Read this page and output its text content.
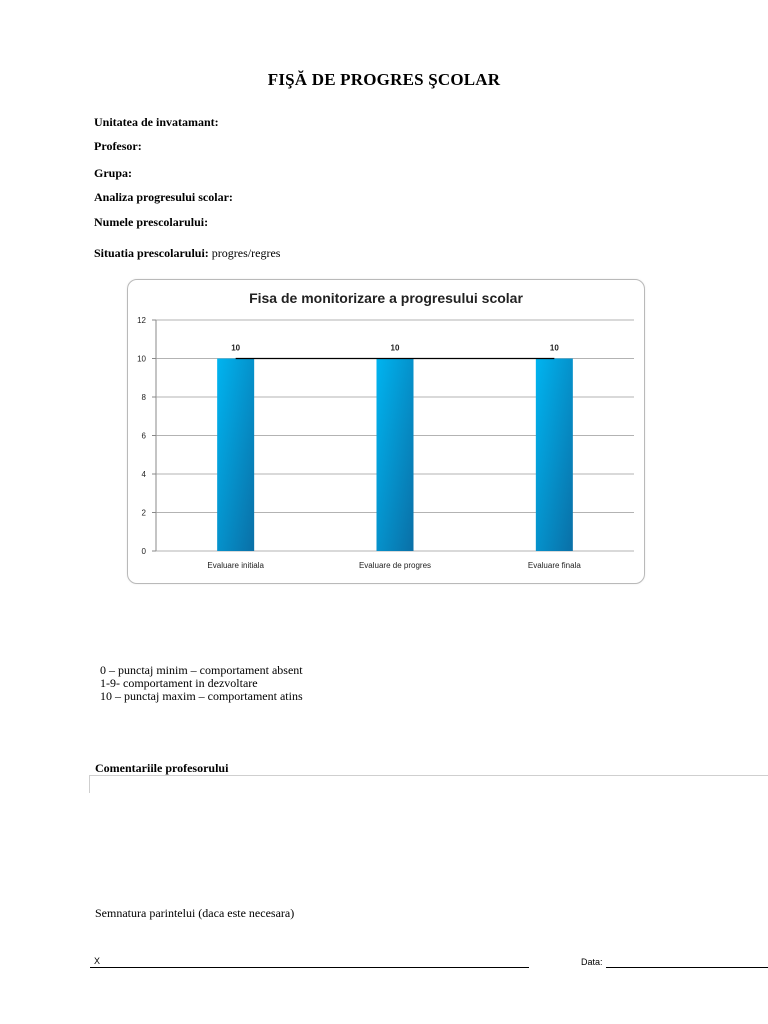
FIŞĂ DE PROGRES ŞCOLAR
Unitatea de invatamant:
Profesor:
Grupa:
Analiza progresului scolar:
Numele prescolarului:
Situatia prescolarului: progres/regres
Fisa de monitorizare a progresului scolar
0
2
4
6
8
10
12
10
Evaluare initiala
10
Evaluare de progres
10
Evaluare finala
0 – punctaj minim – comportament absent
1-9- comportament in dezvoltare
10 – punctaj maxim – comportament atins
Comentariile profesorului
Semnatura parintelui (daca este necesara)
X	Data:
